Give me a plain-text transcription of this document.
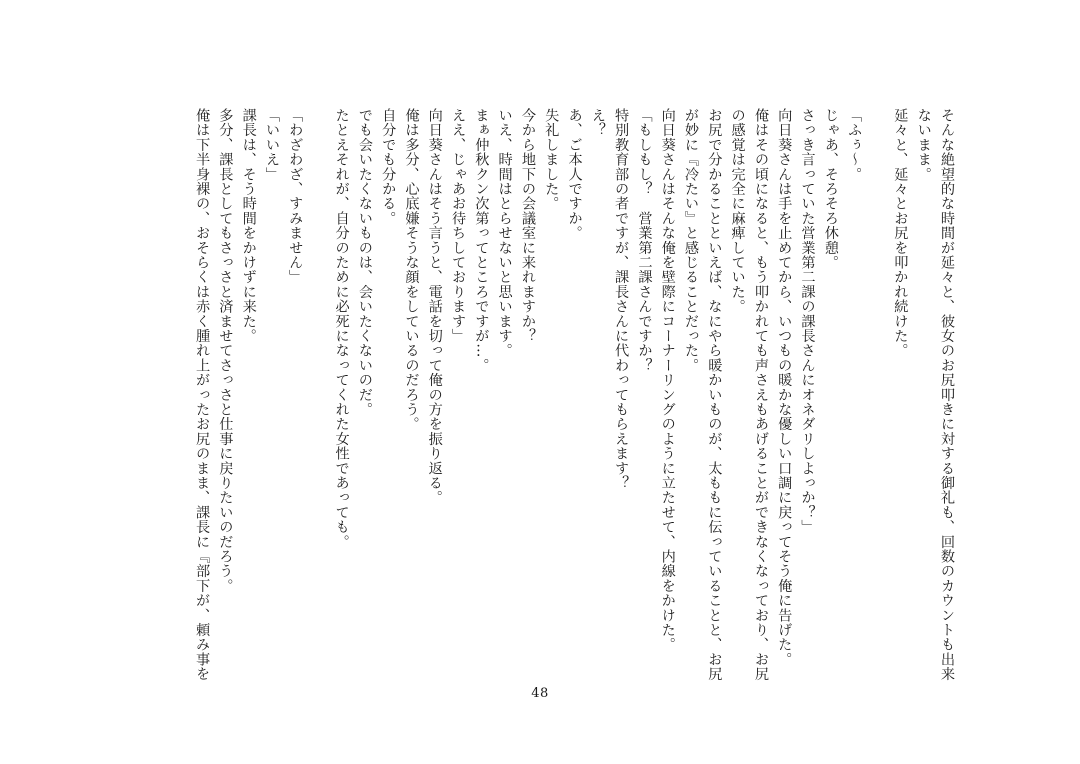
そんな絶望的な時間が延々と、彼女のお尻叩きに対する御礼も、回数のカウントも出来
ないまま。
延々と、延々とお尻を叩かれ続けた。
「ふぅ〜。
じゃあ、そろそろ休憩。
さっき言っていた営業第二課の課長さんにオネダリしよっか？」
向日葵さんは手を止めてから、いつもの暖かな優しい口調に戻ってそう俺に告げた。
俺はその頃になると、もう叩かれても声さえもあげることができなくなっており、お尻
の感覚は完全に麻痺していた。
お尻で分かることといえば、なにやら暖かいものが、太ももに伝っていることと、お尻
が妙に『冷たい』と感じることだった。
向日葵さんはそんな俺を壁際にコーナーリングのように立たせて、内線をかけた。
「もしもし？　営業第二課さんですか？
特別教育部の者ですが、課長さんに代わってもらえます？
え？
あ、ご本人ですか。
失礼しました。
今から地下の会議室に来れますか？
いえ、時間はとらせないと思います。
まぁ仲秋クン次第ってところですが…。
ええ、じゃあお待ちしております」
向日葵さんはそう言うと、電話を切って俺の方を振り返る。
俺は多分、心底嫌そうな顔をしているのだろう。
自分でも分かる。
でも会いたくないものは、会いたくないのだ。
たとえそれが、自分のために必死になってくれた女性であっても。
「わざわざ、すみません」
「いいえ」
課長は、そう時間をかけずに来た。
多分、課長としてもさっさと済ませてさっさと仕事に戻りたいのだろう。
俺は下半身裸の、おそらくは赤く腫れ上がったお尻のまま、課長に『部下が、頼み事を
48
